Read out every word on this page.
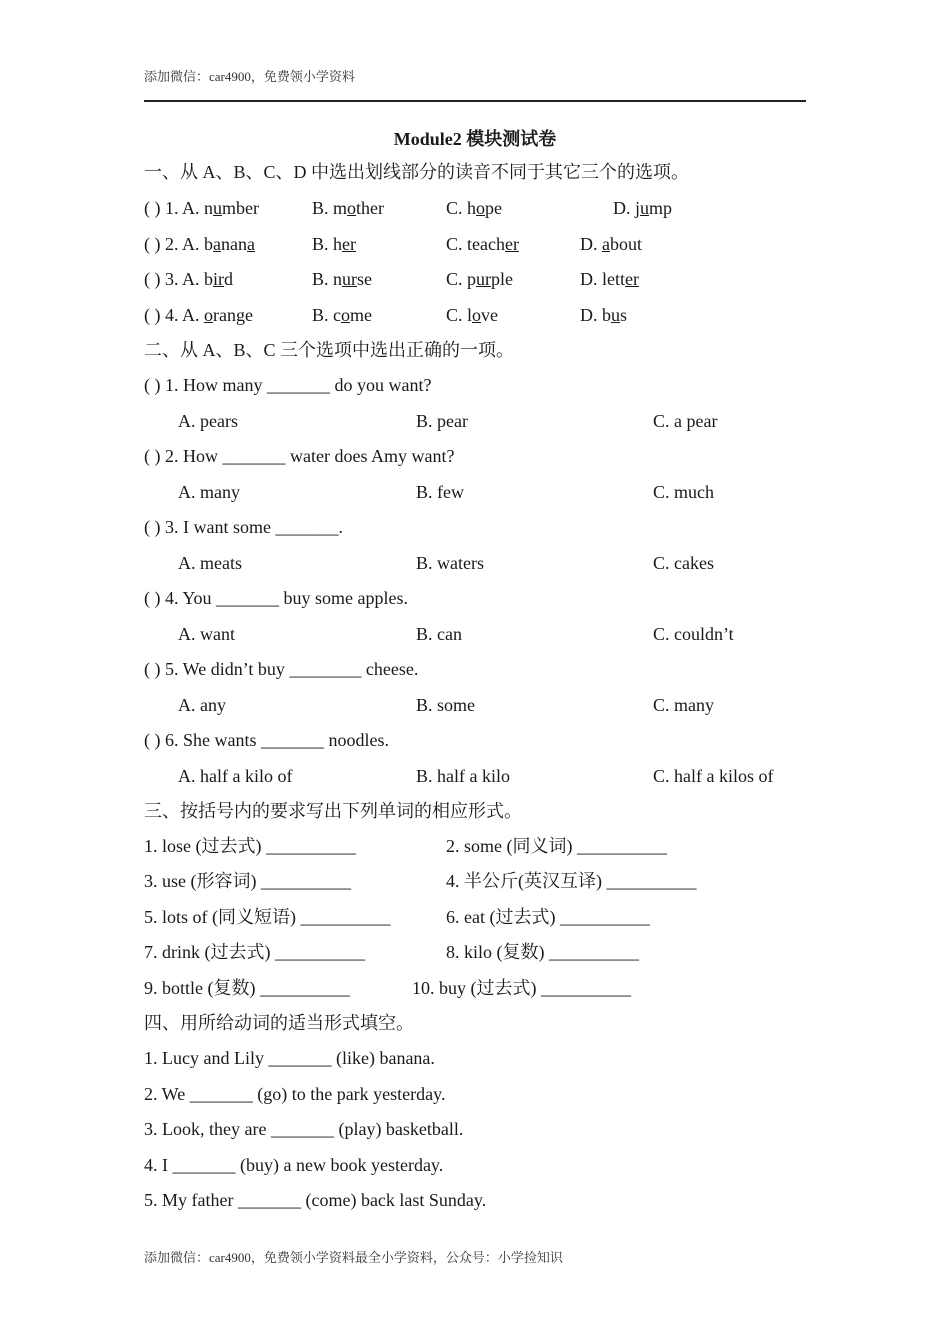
添加微信：car4900，免费领小学资料
Module2 模块测试卷
一、从 A、B、C、D 中选出划线部分的读音不同于其它三个的选项。
( ) 1. A. number	B. mother	C. hope	D. jump
( ) 2. A. banana	B. her	C. teacher	D. about
( ) 3. A. bird	B. nurse	C. purple	D. letter
( ) 4. A. orange	B. come	C. love	D. bus
二、从 A、B、C 三个选项中选出正确的一项。
( ) 1. How many _______ do you want?
A. pears	B. pear	C. a pear
( ) 2. How _______ water does Amy want?
A. many	B. few	C. much
( ) 3. I want some _______.
A. meats	B. waters	C. cakes
( ) 4. You _______ buy some apples.
A. want	B. can	C. couldn’t
( ) 5. We didn’t buy ________ cheese.
A. any	B. some	C. many
( ) 6. She wants _______ noodles.
A. half a kilo of	B. half a kilo	C. half a kilos of
三、按括号内的要求写出下列单词的相应形式。
1. lose (过去式) __________	2. some (同义词) __________
3. use (形容词) __________	4. 半公斤(英汉互译) __________
5. lots of (同义短语) __________	6. eat (过去式) __________
7. drink (过去式) __________	8. kilo (复数) __________
9. bottle (复数) __________	10. buy (过去式) __________
四、用所给动词的适当形式填空。
1. Lucy and Lily _______ (like) banana.
2. We _______ (go) to the park yesterday.
3. Look, they are _______ (play) basketball.
4. I _______ (buy) a new book yesterday.
5. My father _______ (come) back last Sunday.
添加微信：car4900，免费领小学资料最全小学资料，公众号：小学捡知识
